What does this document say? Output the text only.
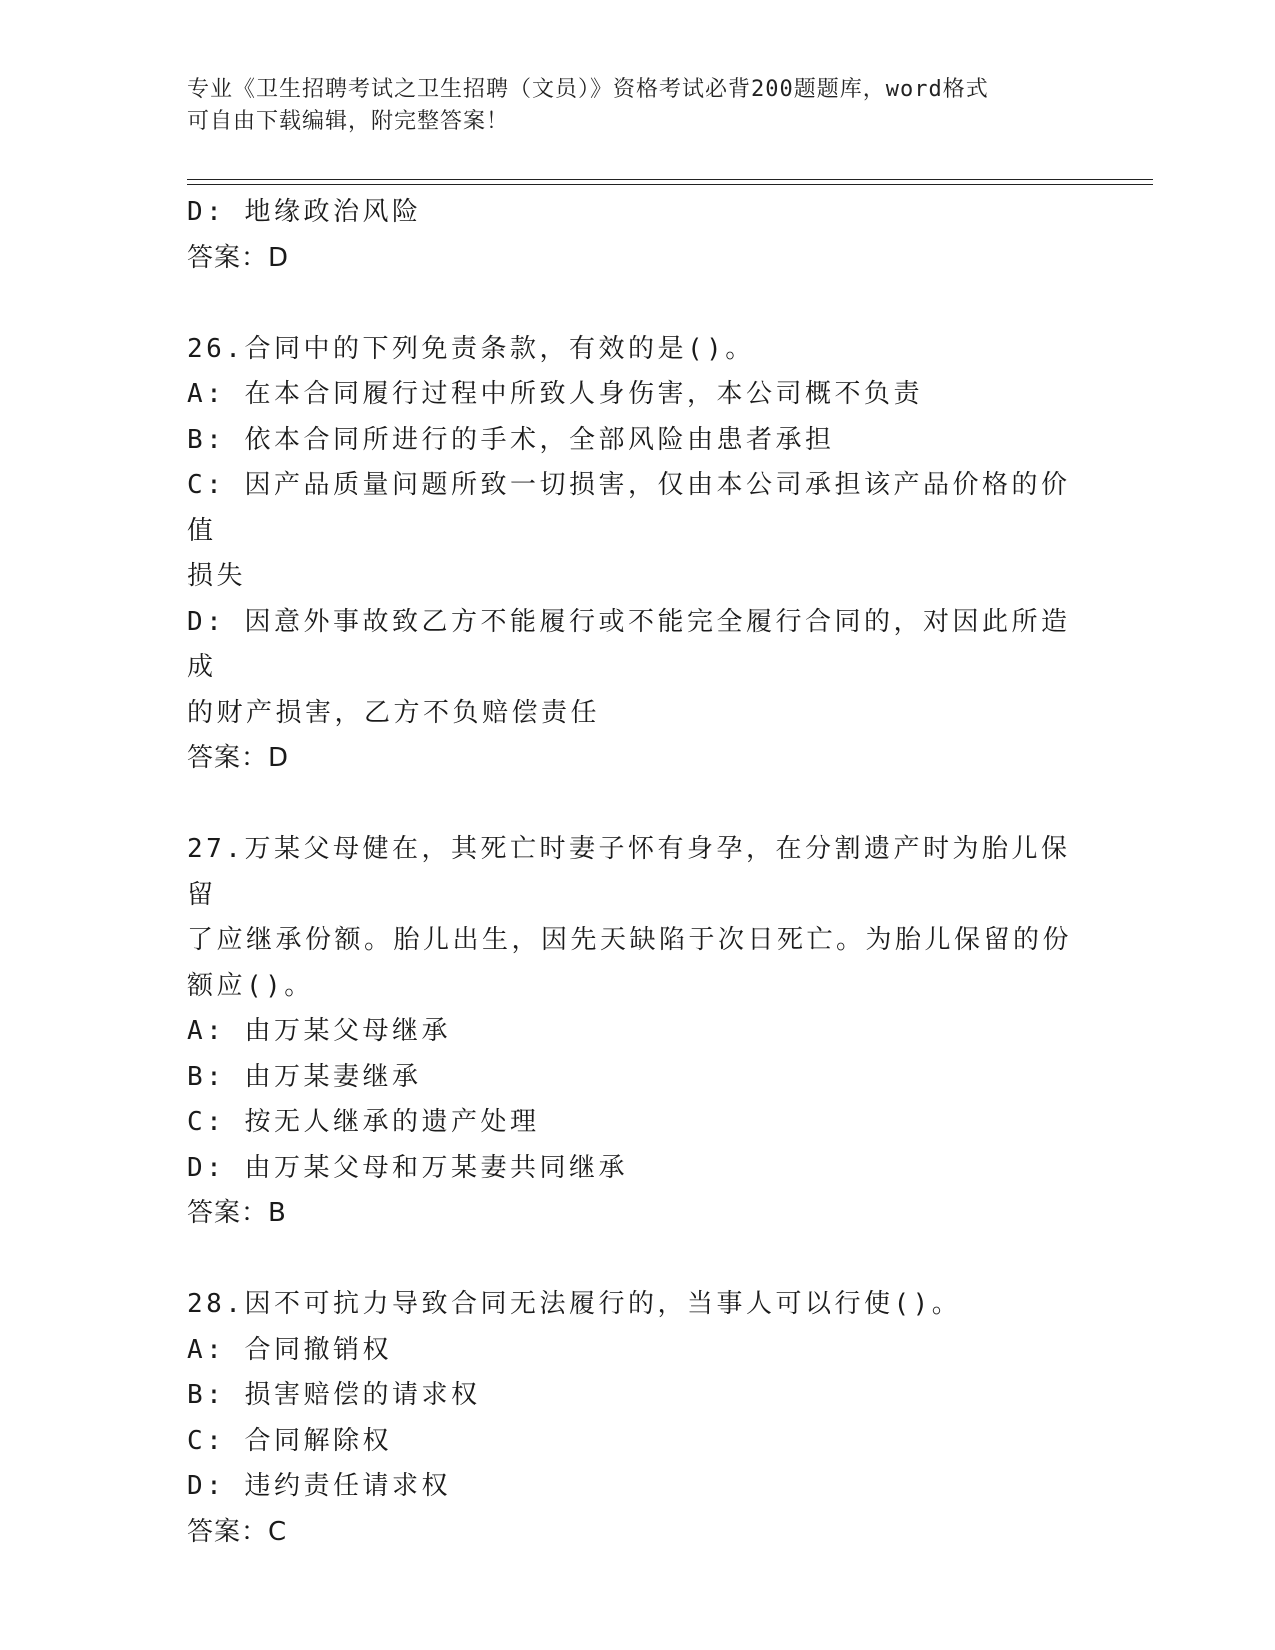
专业《卫生招聘考试之卫生招聘（文员）》资格考试必背200题题库，word格式
可自由下载编辑，附完整答案！
D: 地缘政治风险
答案：D
26.合同中的下列免责条款，有效的是()。
A: 在本合同履行过程中所致人身伤害，本公司概不负责
B: 依本合同所进行的手术，全部风险由患者承担
C: 因产品质量问题所致一切损害，仅由本公司承担该产品价格的价值
损失
D: 因意外事故致乙方不能履行或不能完全履行合同的，对因此所造成
的财产损害，乙方不负赔偿责任
答案：D
27.万某父母健在，其死亡时妻子怀有身孕，在分割遗产时为胎儿保留
了应继承份额。胎儿出生，因先天缺陷于次日死亡。为胎儿保留的份
额应()。
A: 由万某父母继承
B: 由万某妻继承
C: 按无人继承的遗产处理
D: 由万某父母和万某妻共同继承
答案：B
28.因不可抗力导致合同无法履行的，当事人可以行使()。
A: 合同撤销权
B: 损害赔偿的请求权
C: 合同解除权
D: 违约责任请求权
答案：C
